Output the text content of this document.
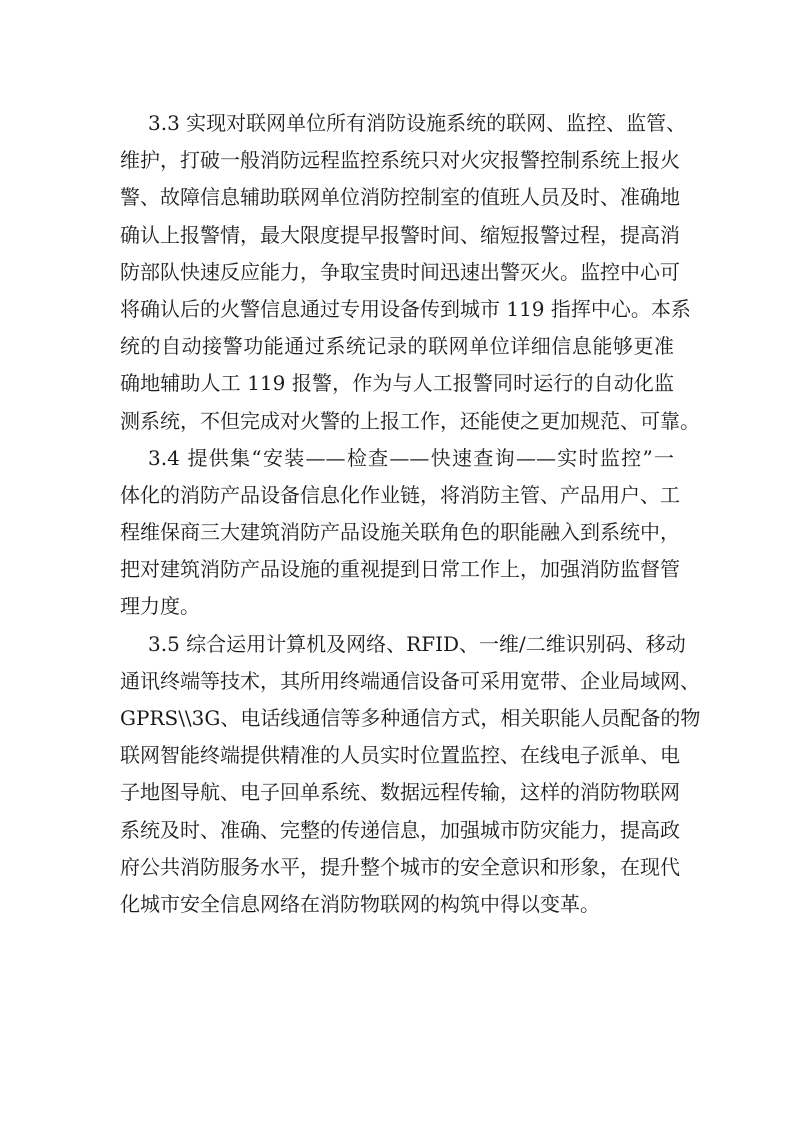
3.3 实现对联网单位所有消防设施系统的联网、监控、监管、
维护，打破一般消防远程监控系统只对火灾报警控制系统上报火
警、故障信息辅助联网单位消防控制室的值班人员及时、准确地
确认上报警情，最大限度提早报警时间、缩短报警过程，提高消
防部队快速反应能力，争取宝贵时间迅速出警灭火。监控中心可
将确认后的火警信息通过专用设备传到城市 119 指挥中心。本系
统的自动接警功能通过系统记录的联网单位详细信息能够更准
确地辅助人工 119 报警，作为与人工报警同时运行的自动化监
测系统，不但完成对火警的上报工作，还能使之更加规范、可靠。
3.4 提供集“安装——检查——快速查询——实时监控”一
体化的消防产品设备信息化作业链，将消防主管、产品用户、工
程维保商三大建筑消防产品设施关联角色的职能融入到系统中，
把对建筑消防产品设施的重视提到日常工作上，加强消防监督管
理力度。
3.5 综合运用计算机及网络、RFID、一维/二维识别码、移动
通讯终端等技术，其所用终端通信设备可采用宽带、企业局域网、
GPRS\\3G、电话线通信等多种通信方式，相关职能人员配备的物
联网智能终端提供精准的人员实时位置监控、在线电子派单、电
子地图导航、电子回单系统、数据远程传输，这样的消防物联网
系统及时、准确、完整的传递信息，加强城市防灾能力，提高政
府公共消防服务水平，提升整个城市的安全意识和形象，在现代
化城市安全信息网络在消防物联网的构筑中得以变革。
